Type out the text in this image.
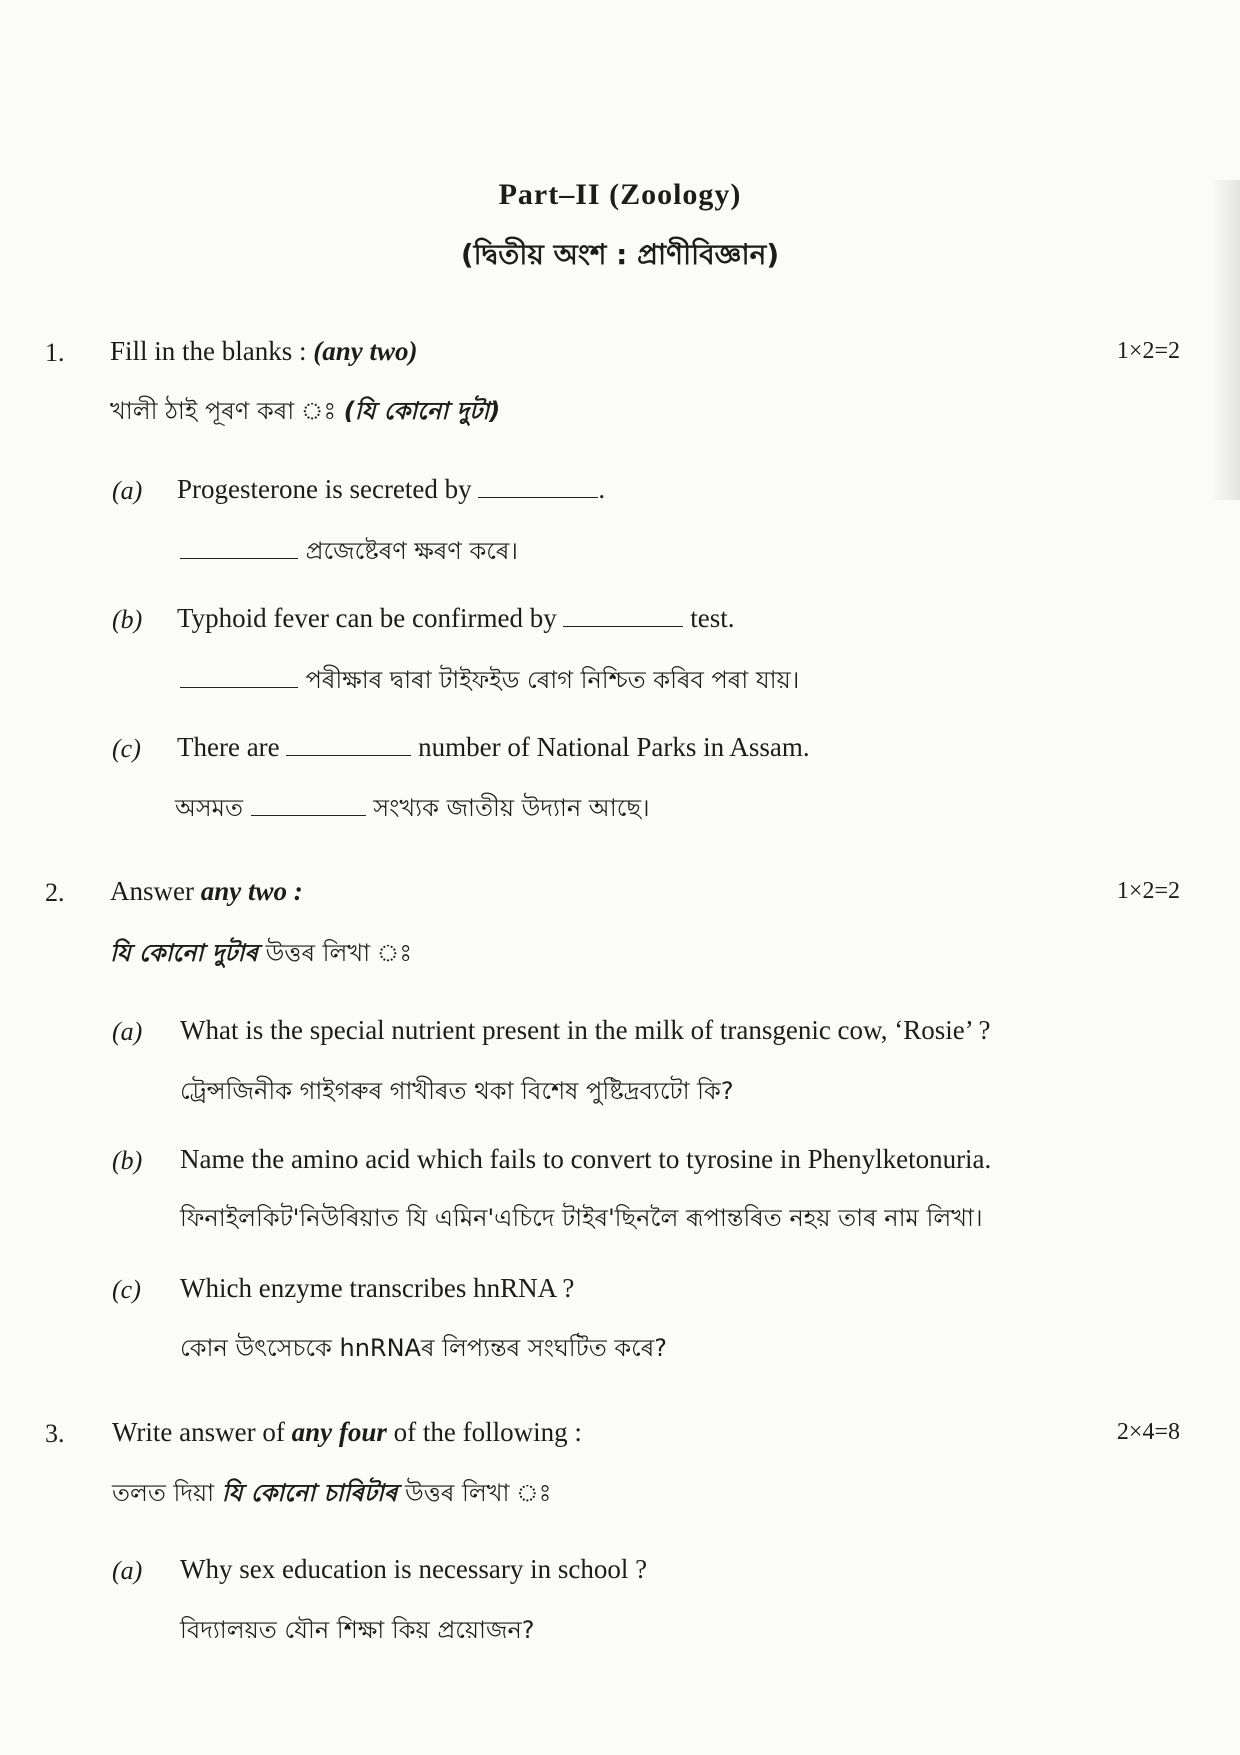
Part–II (Zoology)
(দ্বিতীয় অংশ : প্ৰাণীবিজ্ঞান)
1.	1×2=2
Fill in the blanks : (any two)
খালী ঠাই পূৰণ কৰা ঃ (যি কোনো দুটা)
(a) Progesterone is secreted by	.
প্ৰজেষ্টেৰণ ক্ষৰণ কৰে।
(b) Typhoid fever can be confirmed by	test.
পৰীক্ষাৰ দ্বাৰা টাইফইড ৰোগ নিশ্চিত কৰিব পৰা যায়।
(c) There are	number of National Parks in Assam.
অসমত	সংখ্যক জাতীয় উদ্যান আছে।
2.	1×2=2
Answer any two :
যি কোনো দুটাৰ উত্তৰ লিখা ঃ
(a) What is the special nutrient present in the milk of transgenic cow, ‘Rosie’ ?
ট্ৰেন্সজিনীক গাইগৰুৰ গাখীৰত থকা বিশেষ পুষ্টিদ্ৰব্যটো কি?
(b) Name the amino acid which fails to convert to tyrosine in Phenylketonuria.
ফিনাইলকিট'নিউৰিয়াত যি এমিন'এচিদে টাইৰ'ছিনলৈ ৰূপান্তৰিত নহয় তাৰ নাম লিখা।
(c) Which enzyme transcribes hnRNA ?
কোন উৎসেচকে hnRNAৰ লিপ্যন্তৰ সংঘটিত কৰে?
3.	2×4=8
Write answer of any four of the following :
তলত দিয়া যি কোনো চাৰিটাৰ উত্তৰ লিখা ঃ
(a) Why sex education is necessary in school ?
বিদ্যালয়ত যৌন শিক্ষা কিয় প্ৰয়োজন?
